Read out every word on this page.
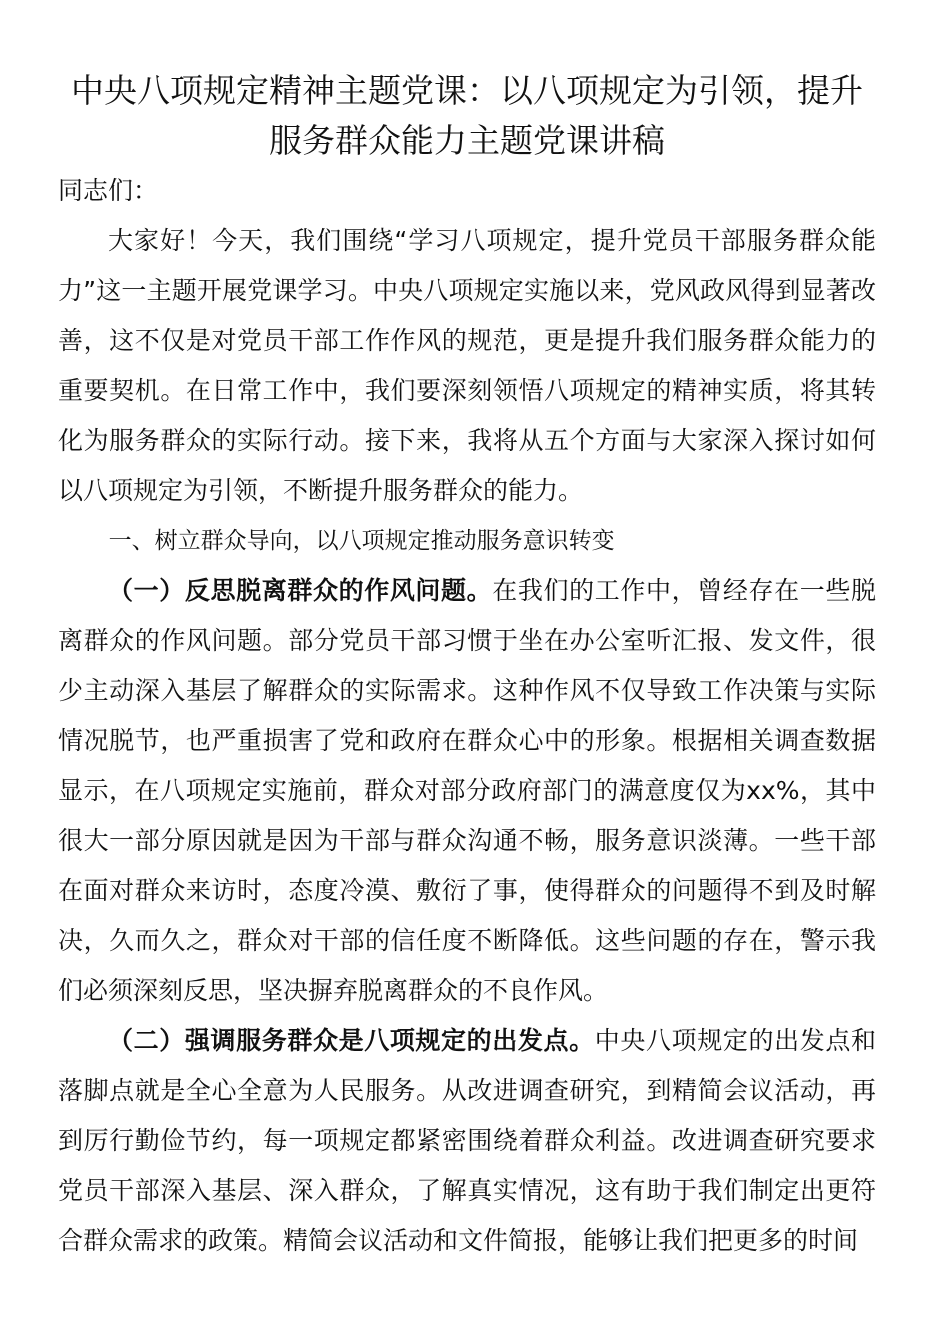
中央八项规定精神主题党课：以八项规定为引领，提升服务群众能力主题党课讲稿

同志们：

大家好！今天，我们围绕“学习八项规定，提升党员干部服务群众能力”这一主题开展党课学习。中央八项规定实施以来，党风政风得到显著改善，这不仅是对党员干部工作作风的规范，更是提升我们服务群众能力的重要契机。在日常工作中，我们要深刻领悟八项规定的精神实质，将其转化为服务群众的实际行动。接下来，我将从五个方面与大家深入探讨如何以八项规定为引领，不断提升服务群众的能力。

一、树立群众导向，以八项规定推动服务意识转变

（一）反思脱离群众的作风问题。在我们的工作中，曾经存在一些脱离群众的作风问题。部分党员干部习惯于坐在办公室听汇报、发文件，很少主动深入基层了解群众的实际需求。这种作风不仅导致工作决策与实际情况脱节，也严重损害了党和政府在群众心中的形象。根据相关调查数据显示，在八项规定实施前，群众对部分政府部门的满意度仅为xx%，其中很大一部分原因就是因为干部与群众沟通不畅，服务意识淡薄。一些干部在面对群众来访时，态度冷漠、敷衍了事，使得群众的问题得不到及时解决，久而久之，群众对干部的信任度不断降低。这些问题的存在，警示我们必须深刻反思，坚决摒弃脱离群众的不良作风。

（二）强调服务群众是八项规定的出发点。中央八项规定的出发点和落脚点就是全心全意为人民服务。从改进调查研究，到精简会议活动，再到厉行勤俭节约，每一项规定都紧密围绕着群众利益。改进调查研究要求党员干部深入基层、深入群众，了解真实情况，这有助于我们制定出更符合群众需求的政策。精简会议活动和文件简报，能够让我们把更多的时间
